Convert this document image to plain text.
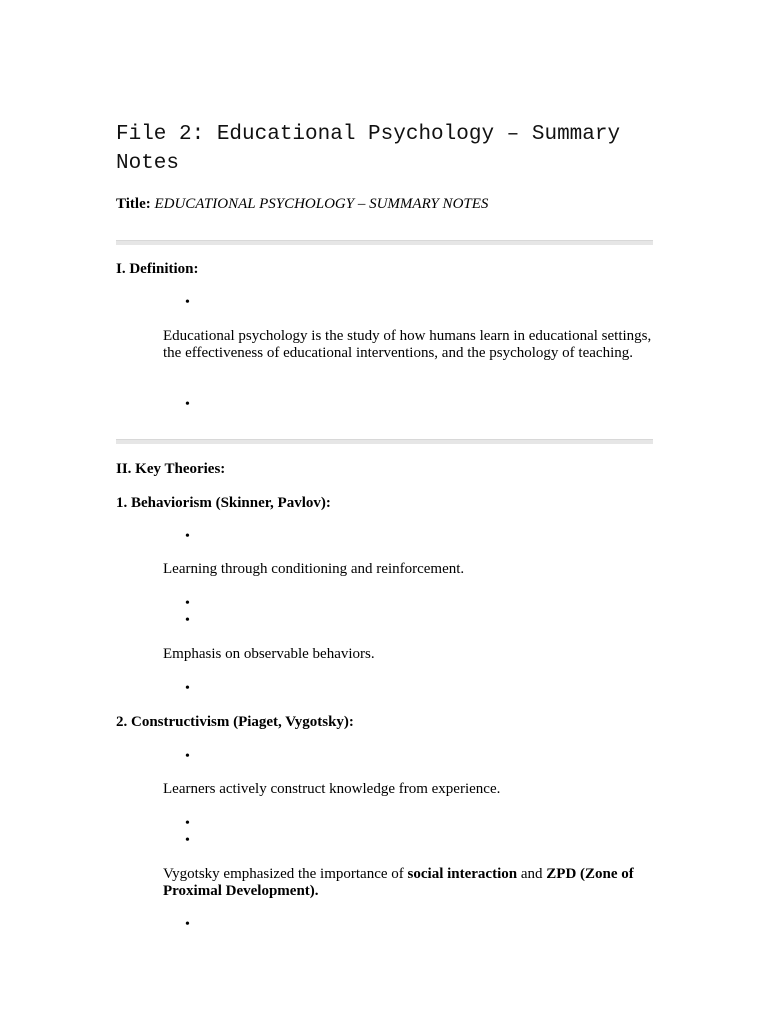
File 2: Educational Psychology – Summary Notes
Title: EDUCATIONAL PSYCHOLOGY – SUMMARY NOTES
I. Definition:
•
Educational psychology is the study of how humans learn in educational settings, the effectiveness of educational interventions, and the psychology of teaching.
•
II. Key Theories:
1. Behaviorism (Skinner, Pavlov):
•
Learning through conditioning and reinforcement.
•
•
Emphasis on observable behaviors.
•
2. Constructivism (Piaget, Vygotsky):
•
Learners actively construct knowledge from experience.
•
•
Vygotsky emphasized the importance of social interaction and ZPD (Zone of Proximal Development).
•
